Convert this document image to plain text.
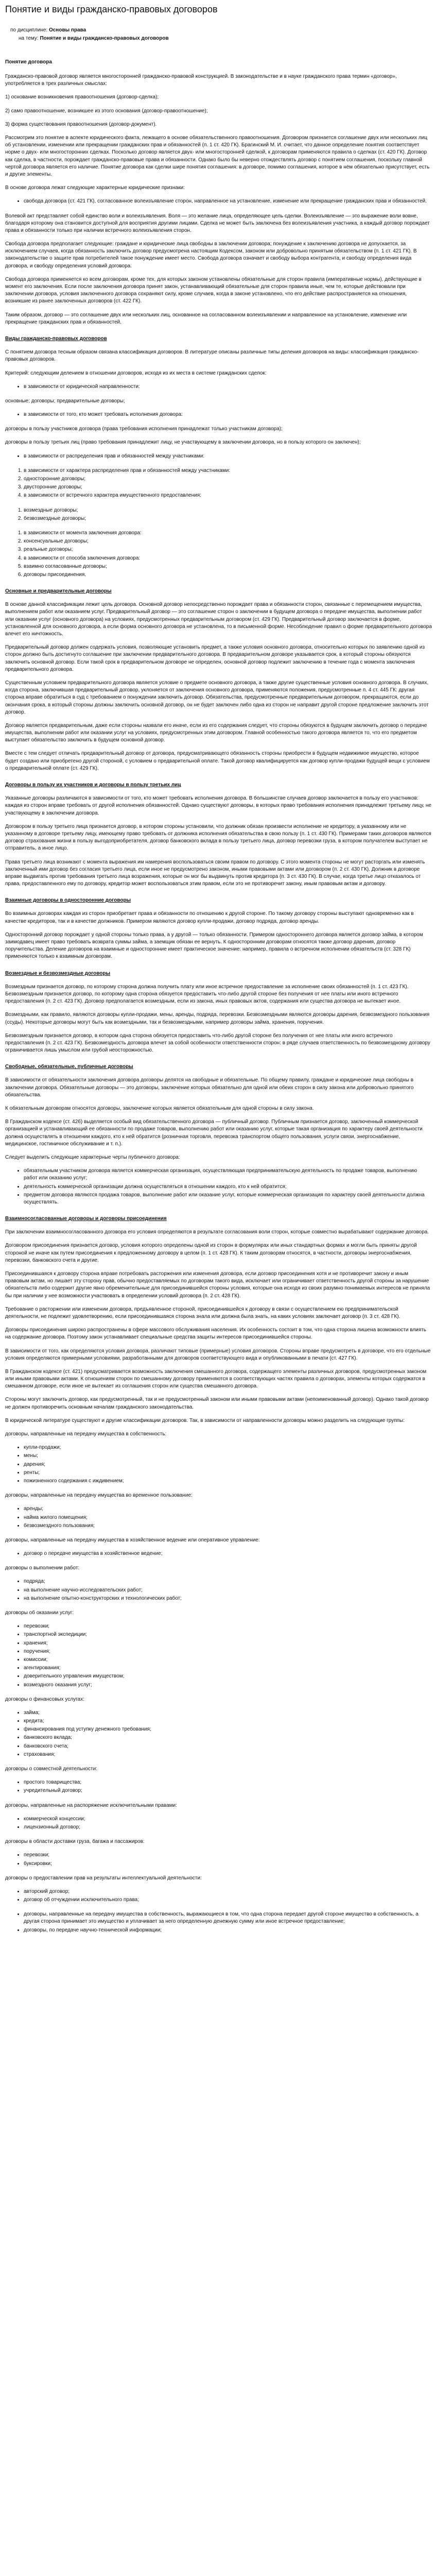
Понятие и виды гражданско-правовых договоров
по дисциплине: Основы права
на тему: Понятие и виды гражданско-правовых договоров
Понятие договора

Гражданско-правовой договор является многосторонней гражданско-правовой конструкцией. В законодательстве и в науке гражданского права термин «договор», употребляется в трех различных смыслах:

1) основание возникновения правоотношения (договор-сделка);

2) само правоотношение, возникшее из этого основания (договор-правоотношение);

3) форма существования правоотношения (договор-документ).

Рассмотрим это понятие в аспекте юридического факта, лежащего в основе обязательственного правоотношения. Договором признается соглашение двух или нескольких лиц об установлении, изменении или прекращении гражданских прав и обязанностей (п. 1 ст. 420 ГК). Брагинский М. И. считает, что данное определение понятия соответствует норме о двух- или многосторонних сделках. Посколько договор является двух- или многосторонней сделкой, к договорам применяются правила о сделках (ст. 420 ГК). Договор как сделка, в частности, порождает гражданско-правовые права и обязанности. Однако было бы неверно отождествлять договор с понятием соглашения, поскольку главной чертой договора является его наличие. Понятие договора как сделки шире понятия соглашения: в договоре, помимо соглашения, которое в нём обязательно присутствует, есть и другие элементы.

В основе договора лежат следующие характерные юридические признаки:

• свобода договора (ст. 421 ГК), согласованное волеизъявление сторон, направленное на установление, изменение или прекращение гражданских прав и обязанностей.

Волевой акт представляет собой единство воли и волеизъявления. Воля — это желание лица, определяющее цель сделки. Волеизъявление — это выражение воли вовне, благодаря которому она становится доступной для восприятия другими лицами. Сделка не может быть заключена без волеизъявления участника, а каждый договор порождает права и обязанности только при наличии встречного волеизъявления сторон.

Свобода договора предполагает следующие: граждане и юридические лица свободны в заключении договора; понуждение к заключению договора не допускается, за исключением случаев, когда обязанность заключить договор предусмотрена настоящим Кодексом, законом или добровольно принятым обязательством (п. 1 ст. 421 ГК). В законодательстве о защите прав потребителей такое понуждение имеет место. Свобода договора означает и свободу выбора контрагента, и свободу определения вида договора, и свободу определения условий договора.

Свобода договора применяется ко всем договорам, кроме тех, для которых законом установлены обязательные для сторон правила (императивные нормы), действующие в момент его заключения. Если после заключения договора принят закон, устанавливающий обязательные для сторон правила иные, чем те, которые действовали при заключении договора, условия заключенного договора сохраняют силу, кроме случаев, когда в законе установлено, что его действие распространяется на отношения, возникшие из ранее заключенных договоров (ст. 422 ГК).

Таким образом, договор — это соглашение двух или нескольких лиц, основанное на согласованном волеизъявлении и направленное на установление, изменение или прекращение гражданских прав и обязанностей.

Виды гражданско-правовых договоров

С понятием договора тесным образом связана классификация договоров. В литературе описаны различные типы деления договоров на виды: классификация гражданско-правовых договоров.

Критерий: следующим делением в отношении договоров, исходя из их места в системе гражданских сделок:

• в зависимости от юридической направленности:

основные; договоры; предварительные договоры;

• в зависимости от того, кто может требовать исполнения договора:

договоры в пользу участников договора (права требования исполнения принадлежат только участникам договора);

договоры в пользу третьих лиц (право требования принадлежит лицу, не участвующему в заключении договора, но в пользу которого он заключен);

• в зависимости от распределения прав и обязанностей между участниками:
1. в зависимости от характера распределения прав и обязанностей между участниками:
2. односторонние договоры;
3. двусторонние договоры;
4. в зависимости от встречного характера имущественного предоставления:
1. возмездные договоры;
2. безвозмездные договоры;
1. в зависимости от момента заключения договора:
2. консенсуальные договоры;
3. реальные договоры;
4. в зависимости от способа заключения договора:
5. взаимно согласованные договоры;
6. договоры присоединения.
Основные и предварительные договоры

В основе данной классификации лежит цель договора. Основной договор непосредственно порождает права и обязанности сторон, связанные с перемещением имущества, выполнением работ или оказанием услуг. Предварительный договор — это соглашение сторон о заключении в будущем договора о передаче имущества, выполнении работ или оказании услуг (основного договора) на условиях, предусмотренных предварительным договором (ст. 429 ГК). Предварительный договор заключается в форме, установленной для основного договора, а если форма основного договора не установлена, то в письменной форме. Несоблюдение правил о форме предварительного договора влечет его ничтожность.

Предварительный договор должен содержать условия, позволяющие установить предмет, а также условия основного договора, относительно которых по заявлению одной из сторон должно быть достигнуто соглашение при заключении предварительного договора. В предварительном договоре указывается срок, в который стороны обязуются заключить основной договор. Если такой срок в предварительном договоре не определен, основной договор подлежит заключению в течение года с момента заключения предварительного договора.

Существенным условием предварительного договора является условие о предмете основного договора, а также другие существенные условия основного договора. В случаях, когда сторона, заключившая предварительный договор, уклоняется от заключения основного договора, применяются положения, предусмотренные п. 4 ст. 445 ГК: другая сторона вправе обратиться в суд с требованием о понуждении заключить договор. Обязательства, предусмотренные предварительным договором, прекращаются, если до окончания срока, в который стороны должны заключить основной договор, он не будет заключен либо одна из сторон не направит другой стороне предложение заключить этот договор.

Договор является предварительным, даже если стороны назвали его иначе, если из его содержания следует, что стороны обязуются в будущем заключить договор о передаче имущества, выполнении работ или оказании услуг на условиях, предусмотренных этим договором. Главной особенностью такого договора является то, что его предметом выступает обязательство заключить в будущем основной договор.

Вместе с тем следует отличать предварительный договор от договора, предусматривающего обязанность стороны приобрести в будущем недвижимое имущество, которое будет создано или приобретено другой стороной, с условием о предварительной оплате. Такой договор квалифицируется как договор купли-продажи будущей вещи с условием о предварительной оплате (ст. 429 ГК).

Договоры в пользу их участников и договоры в пользу третьих лиц

Указанные договоры различаются в зависимости от того, кто может требовать исполнения договора. В большинстве случаев договор заключается в пользу его участников: каждая из сторон вправе требовать от другой исполнения обязанностей. Однако существуют договоры, в которых право требования исполнения принадлежит третьему лицу, не участвующему в заключении договора.

Договором в пользу третьего лица признается договор, в котором стороны установили, что должник обязан произвести исполнение не кредитору, а указанному или не указанному в договоре третьему лицу, имеющему право требовать от должника исполнения обязательства в свою пользу (п. 1 ст. 430 ГК). Примерами таких договоров являются договор страхования жизни в пользу выгодоприобретателя, договор банковского вклада в пользу третьего лица, договор перевозки груза, в котором получателем выступает не отправитель, а иное лицо.

Права третьего лица возникают с момента выражения им намерения воспользоваться своим правом по договору. С этого момента стороны не могут расторгать или изменять заключенный ими договор без согласия третьего лица, если иное не предусмотрено законом, иными правовыми актами или договором (п. 2 ст. 430 ГК). Должник в договоре вправе выдвигать против требования третьего лица возражения, которые он мог бы выдвинуть против кредитора (п. 3 ст. 430 ГК). В случае, когда третье лицо отказалось от права, предоставленного ему по договору, кредитор может воспользоваться этим правом, если это не противоречит закону, иным правовым актам и договору.

Взаимные договоры в односторонние договоры

Во взаимных договорах каждая из сторон приобретает права и обязанности по отношению к другой стороне. По такому договору стороны выступают одновременно как в качестве кредиторов, так и в качестве должников. Примером являются договор купли-продажи, договор подряда, договор аренды.

Односторонний договор порождает у одной стороны только права, а у другой — только обязанности. Примером одностороннего договора является договор займа, в котором заимодавец имеет право требовать возврата суммы займа, а заемщик обязан ее вернуть. К односторонним договорам относятся также договор дарения, договор поручительства. Деление договоров на взаимные и односторонние имеет практическое значение: например, правила о встречном исполнении обязательств (ст. 328 ГК) применяются только к взаимным договорам.

Возмездные и безвозмездные договоры

Возмездным признается договор, по которому сторона должна получить плату или иное встречное предоставление за исполнение своих обязанностей (п. 1 ст. 423 ГК). Безвозмездным признается договор, по которому одна сторона обязуется предоставить что-либо другой стороне без получения от нее платы или иного встречного предоставления (п. 2 ст. 423 ГК). Договор предполагается возмездным, если из закона, иных правовых актов, содержания или существа договора не вытекает иное.

Возмездными, как правило, являются договоры купли-продажи, мены, аренды, подряда, перевозки. Безвозмездными являются договоры дарения, безвозмездного пользования (ссуды). Некоторые договоры могут быть как возмездными, так и безвозмездными, например договоры займа, хранения, поручения.

Безвозмездным признается договор, в котором одна сторона обязуется предоставить что-либо другой стороне без получения от нее платы или иного встречного предоставления (п. 2 ст. 423 ГК). Безвозмездность договора влечет за собой особенности ответственности сторон: в ряде случаев ответственность по безвозмездному договору ограничивается лишь умыслом или грубой неосторожностью.

Свободные, обязательные, публичные договоры

В зависимости от обязательности заключения договора договоры делятся на свободные и обязательные. По общему правилу, граждане и юридические лица свободны в заключении договора. Обязательные договоры — это договоры, заключение которых обязательно для одной или обеих сторон в силу закона или добровольно принятого обязательства.

К обязательным договорам относятся договоры, заключение которых является обязательным для одной стороны в силу закона.

В Гражданском кодексе (ст. 426) выделяется особый вид обязательственного договора — публичный договор. Публичным признается договор, заключенный коммерческой организацией и устанавливающий ее обязанности по продаже товаров, выполнению работ или оказанию услуг, которые такая организация по характеру своей деятельности должна осуществлять в отношении каждого, кто к ней обратится (розничная торговля, перевозка транспортом общего пользования, услуги связи, энергоснабжение, медицинское, гостиничное обслуживание и т. п.).

Следует выделить следующие характерные черты публичного договора:

• обязательным участником договора является коммерческая организация, осуществляющая предпринимательскую деятельность по продаже товаров, выполнению работ или оказанию услуг;
• деятельность коммерческой организации должна осуществляться в отношении каждого, кто к ней обратится;
• предметом договора являются продажа товаров, выполнение работ или оказание услуг, которые коммерческая организация по характеру своей деятельности должна осуществлять.
Взаимносогласованные договоры и договоры присоединения

При заключении взаимносогласованного договора его условия определяются в результате согласования воли сторон, которые совместно вырабатывают содержание договора.

Договором присоединения признается договор, условия которого определены одной из сторон в формулярах или иных стандартных формах и могли быть приняты другой стороной не иначе как путем присоединения к предложенному договору в целом (п. 1 ст. 428 ГК). К таким договорам относятся, в частности, договоры энергоснабжения, перевозки, банковского счета и другие.

Присоединившаяся к договору сторона вправе потребовать расторжения или изменения договора, если договор присоединения хотя и не противоречит закону и иным правовым актам, но лишает эту сторону прав, обычно предоставляемых по договорам такого вида, исключает или ограничивает ответственность другой стороны за нарушение обязательств либо содержит другие явно обременительные для присоединившейся стороны условия, которые она исходя из своих разумно понимаемых интересов не приняла бы при наличии у нее возможности участвовать в определении условий договора (п. 2 ст. 428 ГК).

Требование о расторжении или изменении договора, предъявленное стороной, присоединившейся к договору в связи с осуществлением ею предпринимательской деятельности, не подлежит удовлетворению, если присоединившаяся сторона знала или должна была знать, на каких условиях заключает договор (п. 3 ст. 428 ГК).

Договоры присоединения широко распространены в сфере массового обслуживания населения. Их особенность состоит в том, что одна сторона лишена возможности влиять на содержание договора. Поэтому закон устанавливает специальные средства защиты интересов присоединившейся стороны.

В зависимости от того, как определяются условия договора, различают типовые (примерные) условия договоров. Стороны вправе предусмотреть в договоре, что его отдельные условия определяются примерными условиями, разработанными для договоров соответствующего вида и опубликованными в печати (ст. 427 ГК).

В Гражданском кодексе (ст. 421) предусматривается возможность заключения смешанного договора, содержащего элементы различных договоров, предусмотренных законом или иными правовыми актами. К отношениям сторон по смешанному договору применяются в соответствующих частях правила о договорах, элементы которых содержатся в смешанном договоре, если иное не вытекает из соглашения сторон или существа смешанного договора.

Стороны могут заключить договор, как предусмотренный, так и не предусмотренный законом или иными правовыми актами (непоименованный договор). Однако такой договор не должен противоречить основным началам гражданского законодательства.

В юридической литературе существуют и другие классификации договоров. Так, в зависимости от направленности договоры можно разделить на следующие группы:

договоры, направленные на передачу имущества в собственность:

• купли-продажи;
• мены;
• дарения;
• ренты;
• пожизненного содержания с иждивением;

договоры, направленные на передачу имущества во временное пользование:

• аренды;
• найма жилого помещения;
• безвозмездного пользования;

договоры, направленные на передачу имущества в хозяйственное ведение или оперативное управление:

• договор о передаче имущества в хозяйственное ведение;

договоры о выполнении работ:

• подряда;
• на выполнение научно-исследовательских работ;
• на выполнение опытно-конструкторских и технологических работ;

договоры об оказании услуг:

• перевозки;
• транспортной экспедиции;
• хранения;
• поручения;
• комиссии;
• агентирования;
• доверительного управления имуществом;
• возмездного оказания услуг;

договоры о финансовых услугах:

• займа;
• кредита;
• финансирования под уступку денежного требования;
• банковского вклада;
• банковского счета;
• страхования;

договоры о совместной деятельности:

• простого товарищества;
• учредительный договор;

договоры, направленные на распоряжение исключительными правами:

• коммерческой концессии;
• лицензионный договор;

договоры в области доставки груза, багажа и пассажиров:

• перевозки;
• буксировки;

договоры о предоставлении прав на результаты интеллектуальной деятельности:

• авторский договор;
• договор об отчуждении исключительного права;
• договоры, направленные на передачу имущества в собственность, выражающиеся в том, что одна сторона передает другой стороне имущество в собственность, а другая сторона принимает это имущество и уплачивает за него определенную денежную сумму или иное встречное предоставление;
• договоры, по передаче научно-технической информации;
